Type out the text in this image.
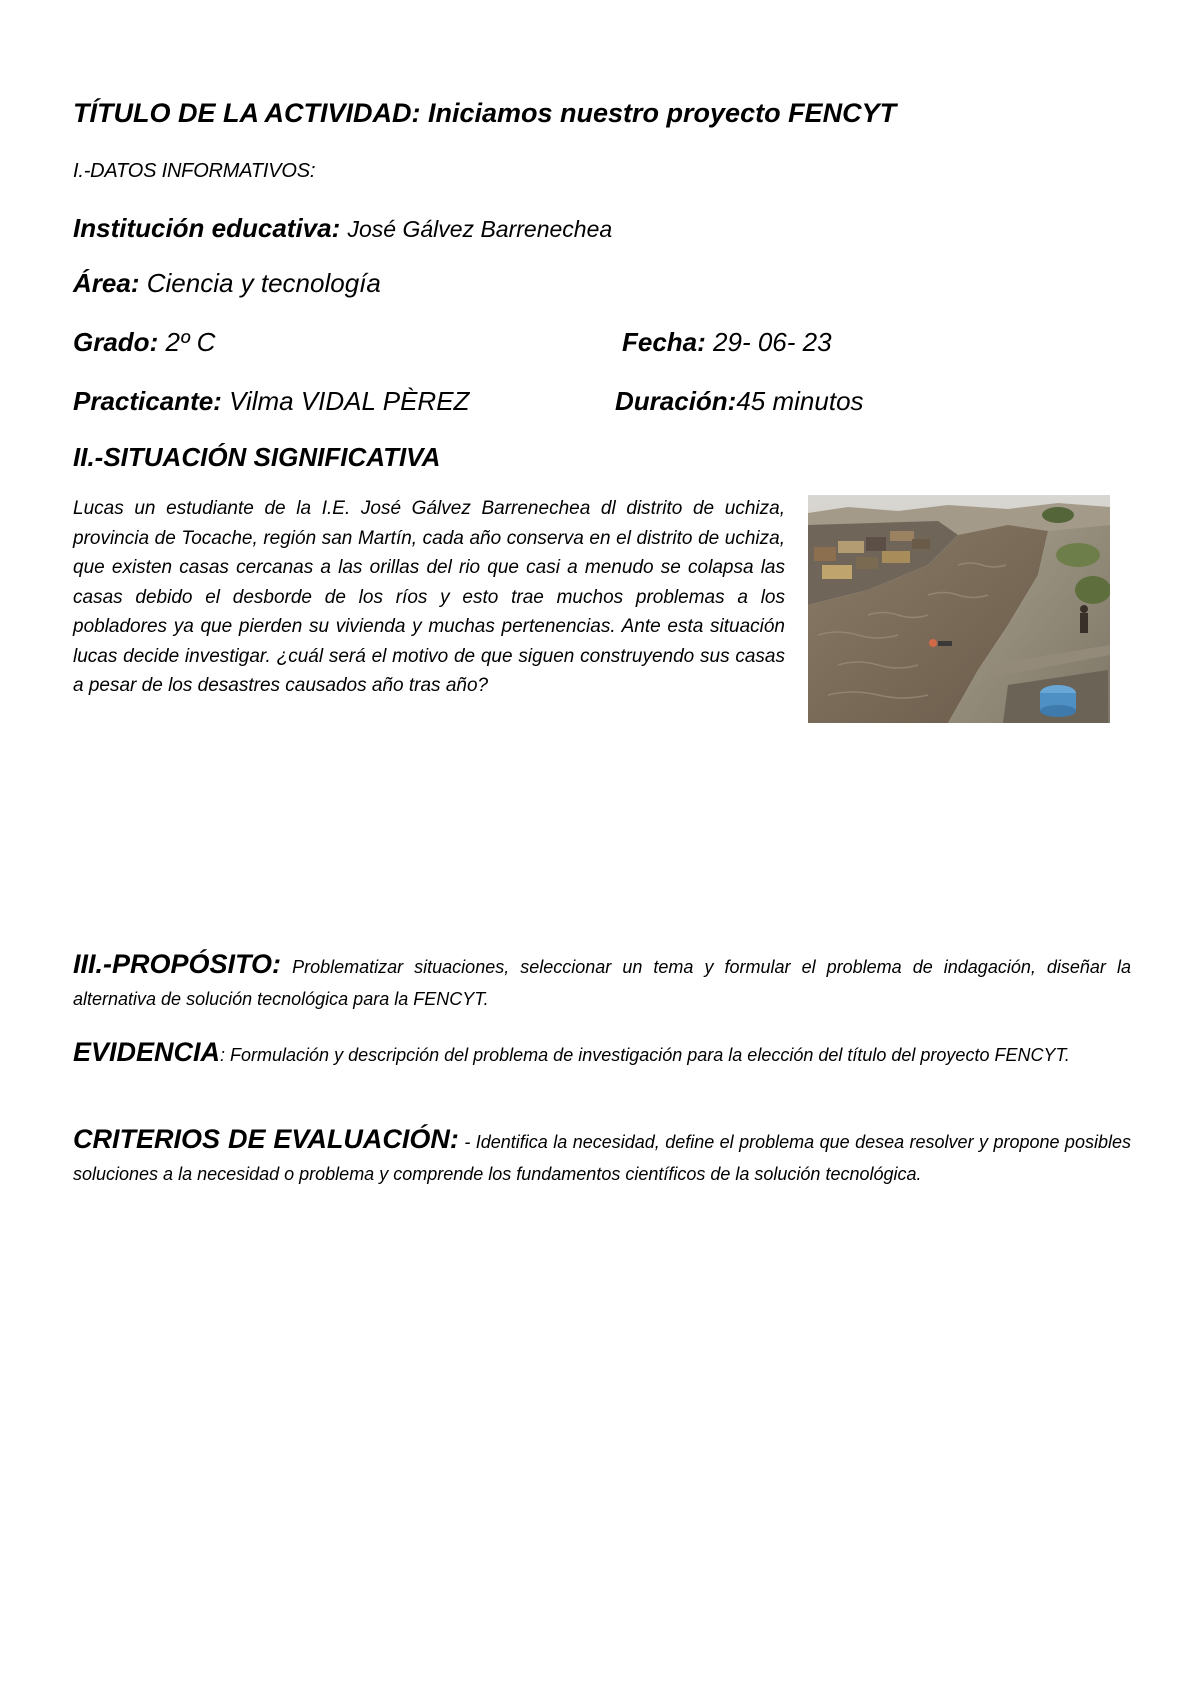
TÍTULO DE LA ACTIVIDAD: Iniciamos nuestro proyecto FENCYT
I.-DATOS INFORMATIVOS:
Institución educativa: José Gálvez Barrenechea
Área: Ciencia y tecnología
Grado: 2º C	Fecha: 29- 06- 23
Practicante: Vilma VIDAL PÈREZ	Duración:45 minutos
II.-SITUACIÓN SIGNIFICATIVA

Lucas un estudiante de la I.E. José Gálvez Barrenechea dl distrito de uchiza, provincia de Tocache, región san Martín, cada año conserva en el distrito de uchiza, que existen casas cercanas a las orillas del rio que casi a menudo se colapsa las casas debido el desborde de los ríos y esto trae muchos problemas a los pobladores ya que pierden su vivienda y muchas pertenencias. Ante esta situación lucas decide investigar. ¿cuál será el motivo de que siguen construyendo sus casas a pesar de los desastres causados año tras año?

III.-PROPÓSITO: Problematizar situaciones, seleccionar un tema y formular el problema de indagación, diseñar la alternativa de solución tecnológica para la FENCYT.
EVIDENCIA: Formulación y descripción del problema de investigación para la elección del título del proyecto FENCYT.
CRITERIOS DE EVALUACIÓN: - Identifica la necesidad, define el problema que desea resolver y propone posibles soluciones a la necesidad o problema y comprende los fundamentos científicos de la solución tecnológica.
